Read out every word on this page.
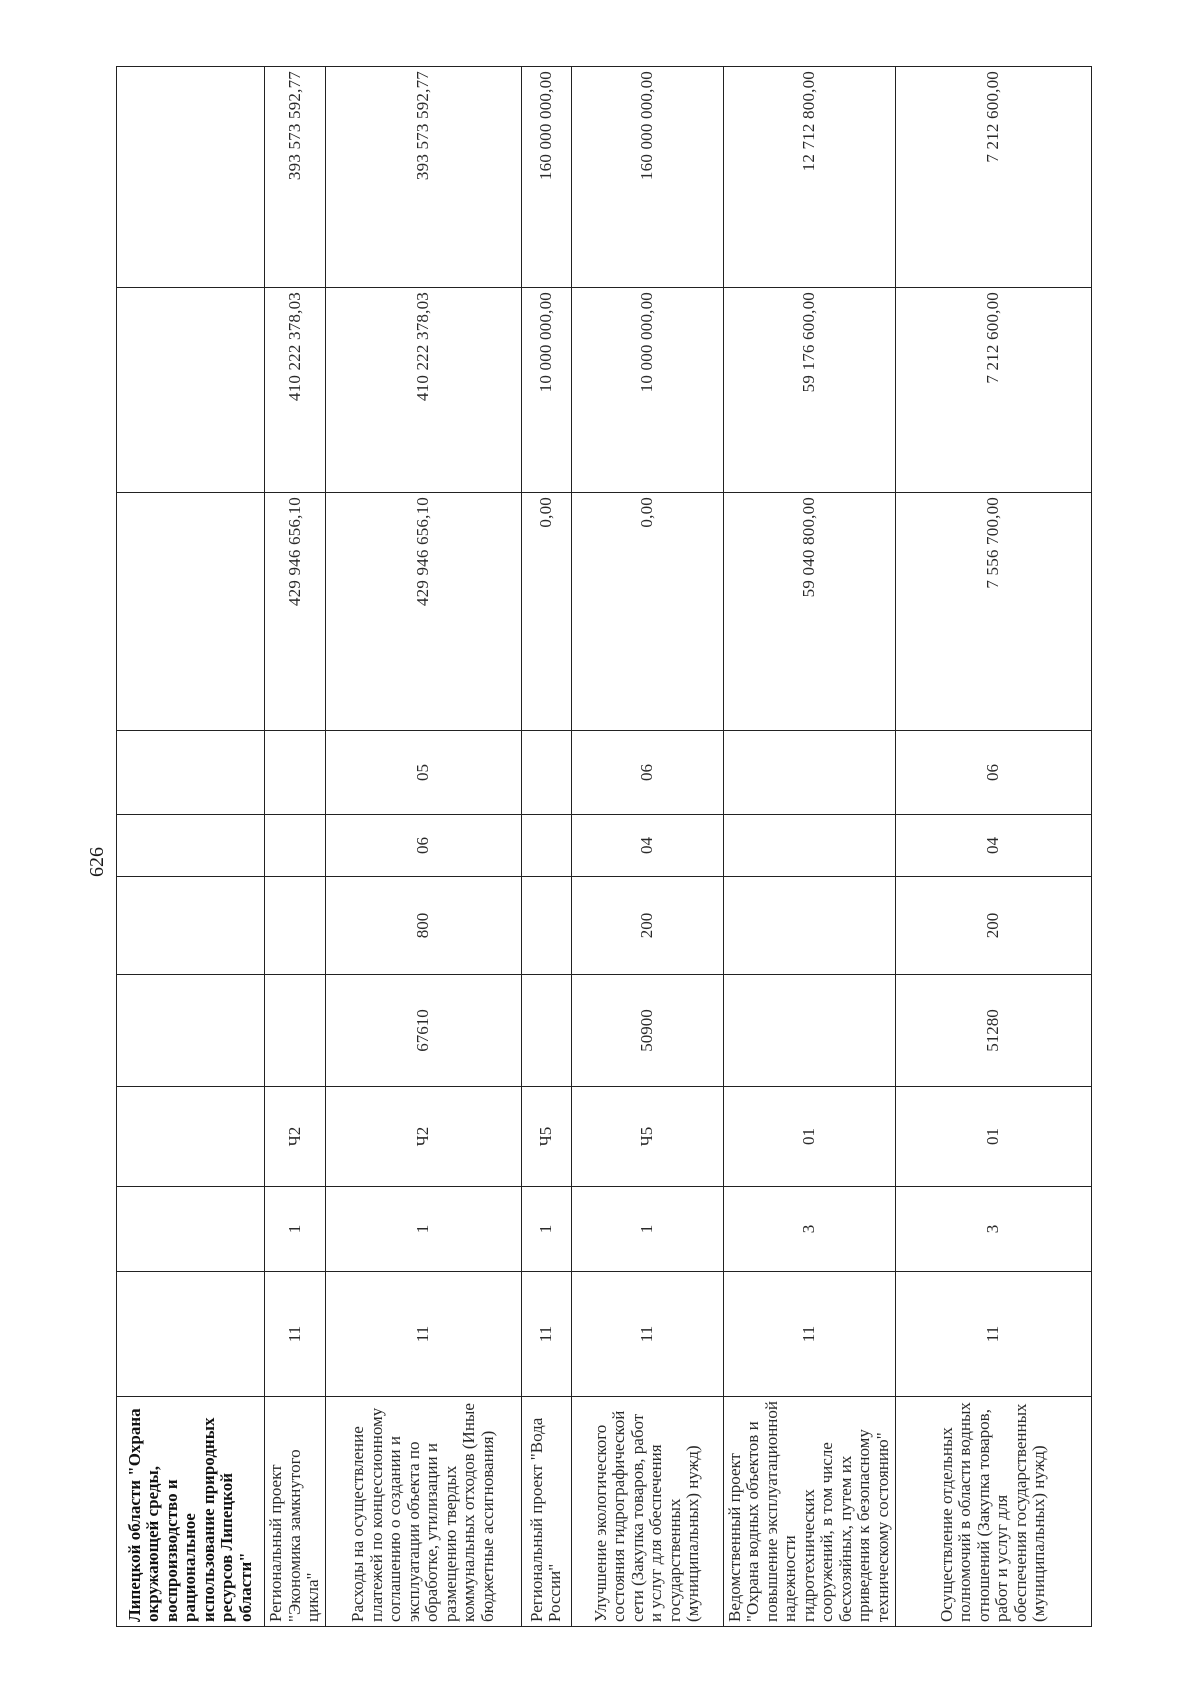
626
Липецкой области "Охрана окружающей среды, воспроизводство и рациональное использование природных ресурсов Липецкой области"										
Региональный проект "Экономика замкнутого цикла"	11	1	Ч2					429 946 656,10	410 222 378,03	393 573 592,77
Расходы на осуществление платежей по концессионному соглашению о создании и эксплуатации объекта по обработке, утилизации и размещению твердых коммунальных отходов (Иные бюджетные ассигнования)	11	1	Ч2	67610	800	06	05	429 946 656,10	410 222 378,03	393 573 592,77
Региональный проект "Вода России"	11	1	Ч5					0,00	10 000 000,00	160 000 000,00
Улучшение экологического состояния гидрографической сети (Закупка товаров, работ и услуг для обеспечения государственных (муниципальных) нужд)	11	1	Ч5	50900	200	04	06	0,00	10 000 000,00	160 000 000,00
Ведомственный проект "Охрана водных объектов и повышение эксплуатационной надежности гидротехнических сооружений, в том числе бесхозяйных, путем их приведения к безопасному техническому состоянию"	11	3	01					59 040 800,00	59 176 600,00	12 712 800,00
Осуществление отдельных полномочий в области водных отношений (Закупка товаров, работ и услуг для обеспечения государственных (муниципальных) нужд)	11	3	01	51280	200	04	06	7 556 700,00	7 212 600,00	7 212 600,00
